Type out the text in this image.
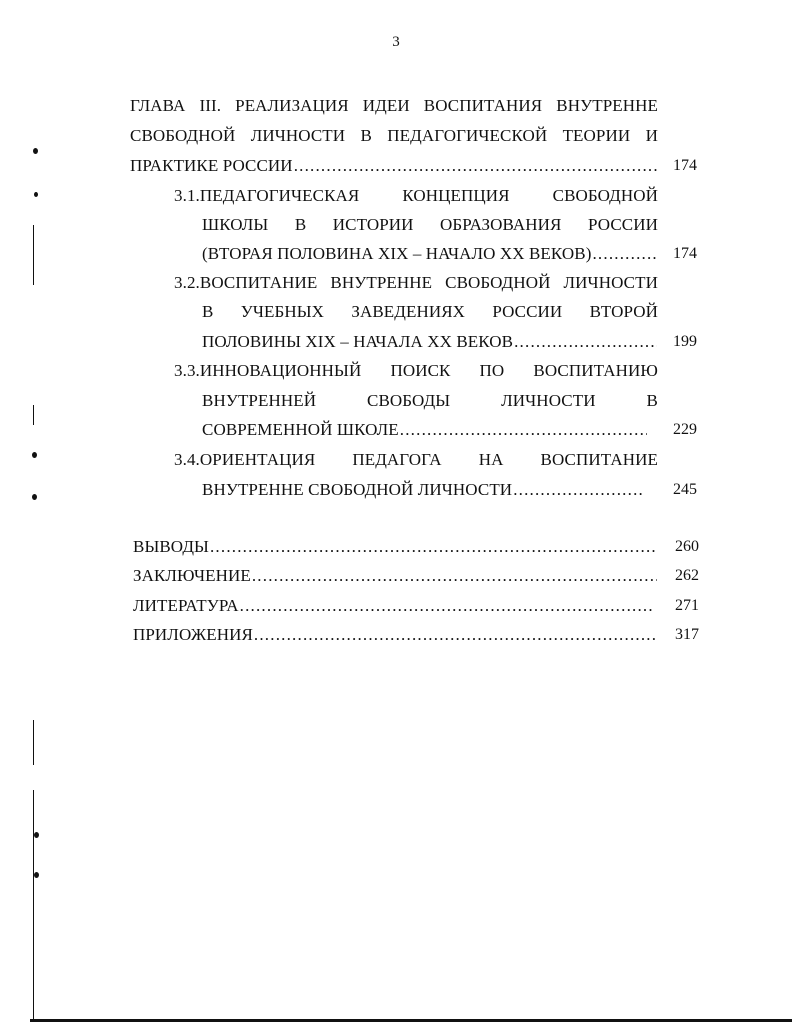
3
ГЛАВА III. РЕАЛИЗАЦИЯ ИДЕИ ВОСПИТАНИЯ ВНУТРЕННЕ
СВОБОДНОЙ ЛИЧНОСТИ В ПЕДАГОГИЧЕСКОЙ ТЕОРИИ И
ПРАКТИКЕ РОССИИ .....	174
3.1.ПЕДАГОГИЧЕСКАЯ	КОНЦЕПЦИЯ	СВОБОДНОЙ
ШКОЛЫ В ИСТОРИИ ОБРАЗОВАНИЯ РОССИИ
(ВТОРАЯ ПОЛОВИНА XIX – НАЧАЛО XX ВЕКОВ) .....	174
3.2.ВОСПИТАНИЕ ВНУТРЕННЕ СВОБОДНОЙ ЛИЧНОСТИ
В УЧЕБНЫХ ЗАВЕДЕНИЯХ РОССИИ ВТОРОЙ
ПОЛОВИНЫ XIX – НАЧАЛА XX ВЕКОВ .....	199
3.3.ИННОВАЦИОННЫЙ ПОИСК ПО ВОСПИТАНИЮ
ВНУТРЕННЕЙ	СВОБОДЫ	ЛИЧНОСТИ	В
СОВРЕМЕННОЙ ШКОЛЕ .....	229
3.4.ОРИЕНТАЦИЯ ПЕДАГОГА НА ВОСПИТАНИЕ
ВНУТРЕННЕ СВОБОДНОЙ ЛИЧНОСТИ .....	245
ВЫВОДЫ .....	260
ЗАКЛЮЧЕНИЕ .....	262
ЛИТЕРАТУРА .....	271
ПРИЛОЖЕНИЯ .....	317
